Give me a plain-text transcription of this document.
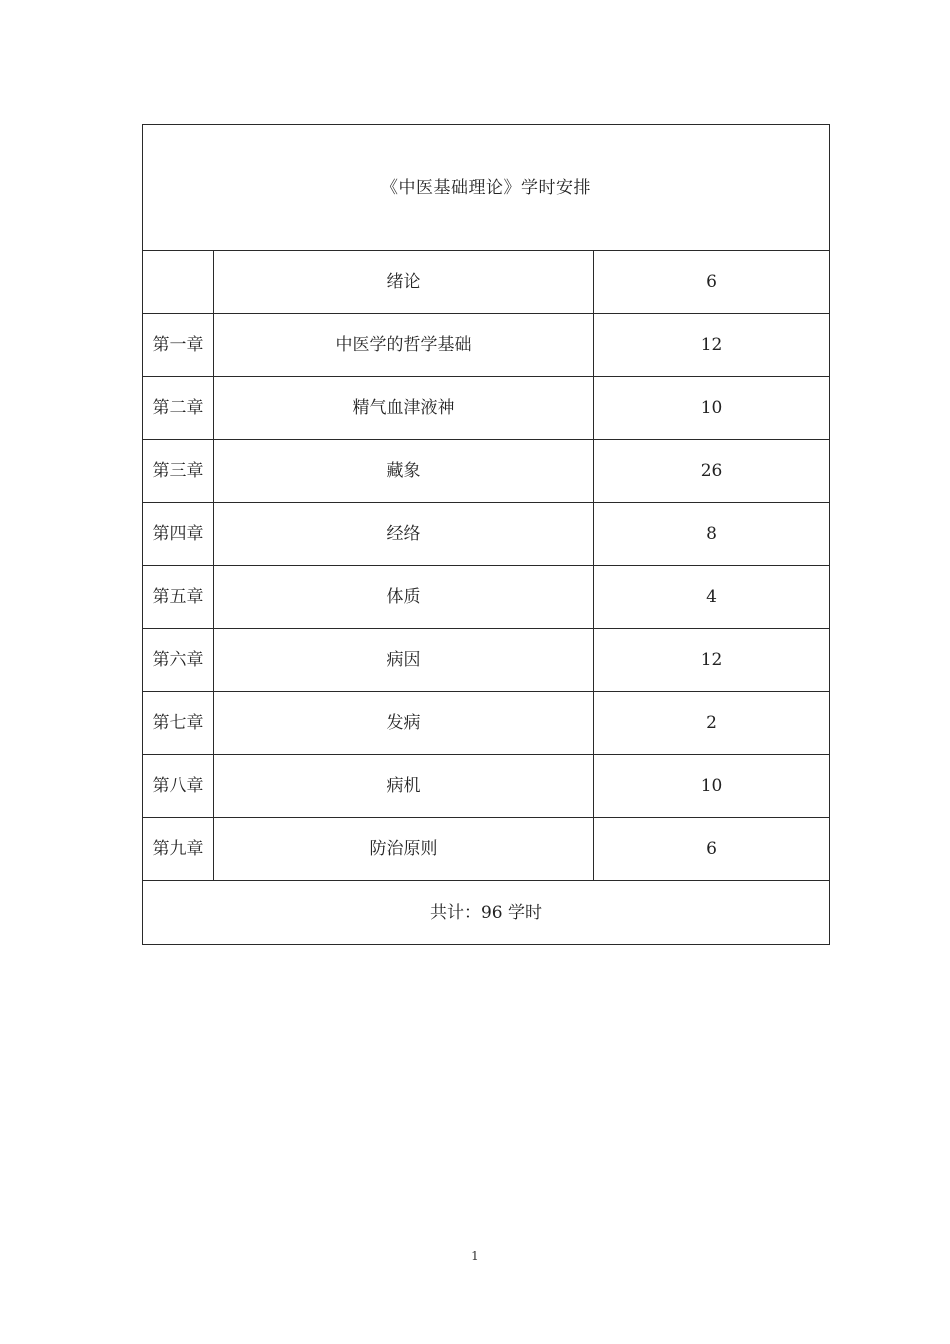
《中医基础理论》学时安排		
	绪论	6
第一章	中医学的哲学基础	12
第二章	精气血津液神	10
第三章	藏象	26
第四章	经络	8
第五章	体质	4
第六章	病因	12
第七章	发病	2
第八章	病机	10
第九章	防治原则	6
共计：96 学时		
1
